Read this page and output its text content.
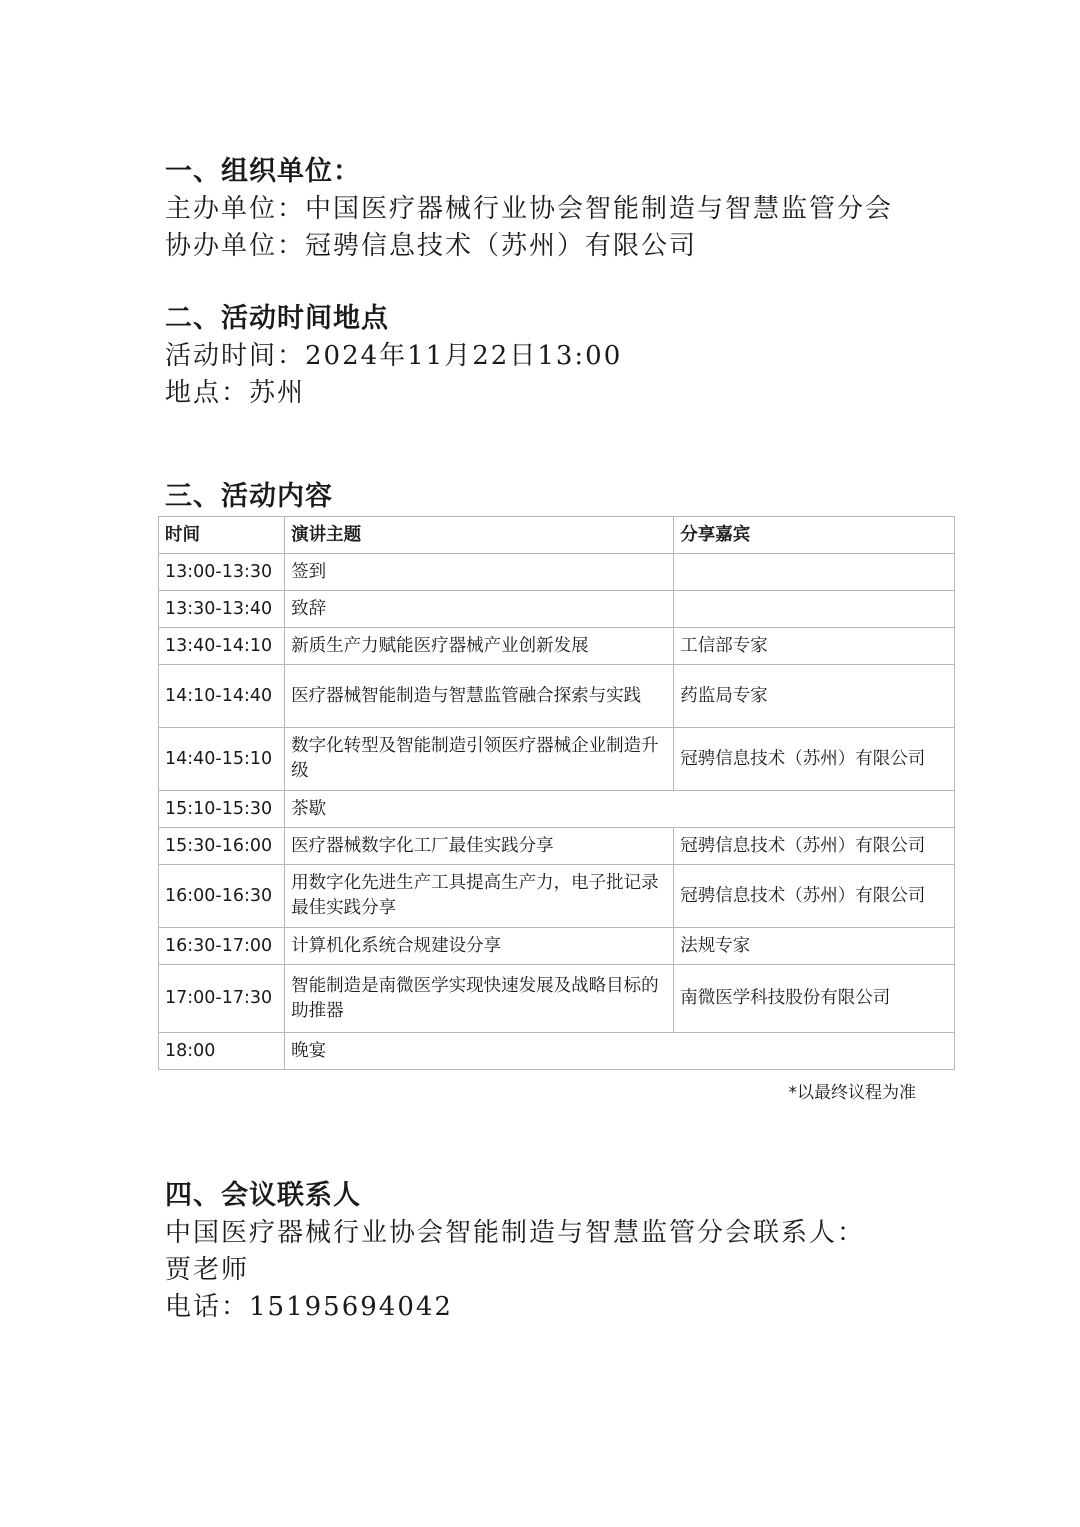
一、组织单位：
主办单位：中国医疗器械行业协会智能制造与智慧监管分会
协办单位：冠骋信息技术（苏州）有限公司
二、活动时间地点
活动时间：2024年11月22日13:00
地点：苏州
三、活动内容
时间	演讲主题	分享嘉宾
13:00-13:30	签到	
13:30-13:40	致辞	
13:40-14:10	新质生产力赋能医疗器械产业创新发展	工信部专家
14:10-14:40	医疗器械智能制造与智慧监管融合探索与实践	药监局专家
14:40-15:10	数字化转型及智能制造引领医疗器械企业制造升级	冠骋信息技术（苏州）有限公司
15:10-15:30	茶歇	
15:30-16:00	医疗器械数字化工厂最佳实践分享	冠骋信息技术（苏州）有限公司
16:00-16:30	用数字化先进生产工具提高生产力，电子批记录最佳实践分享	冠骋信息技术（苏州）有限公司
16:30-17:00	计算机化系统合规建设分享	法规专家
17:00-17:30	智能制造是南微医学实现快速发展及战略目标的助推器	南微医学科技股份有限公司
18:00	晚宴	
*以最终议程为准
四、会议联系人
中国医疗器械行业协会智能制造与智慧监管分会联系人：
贾老师
电话：15195694042
